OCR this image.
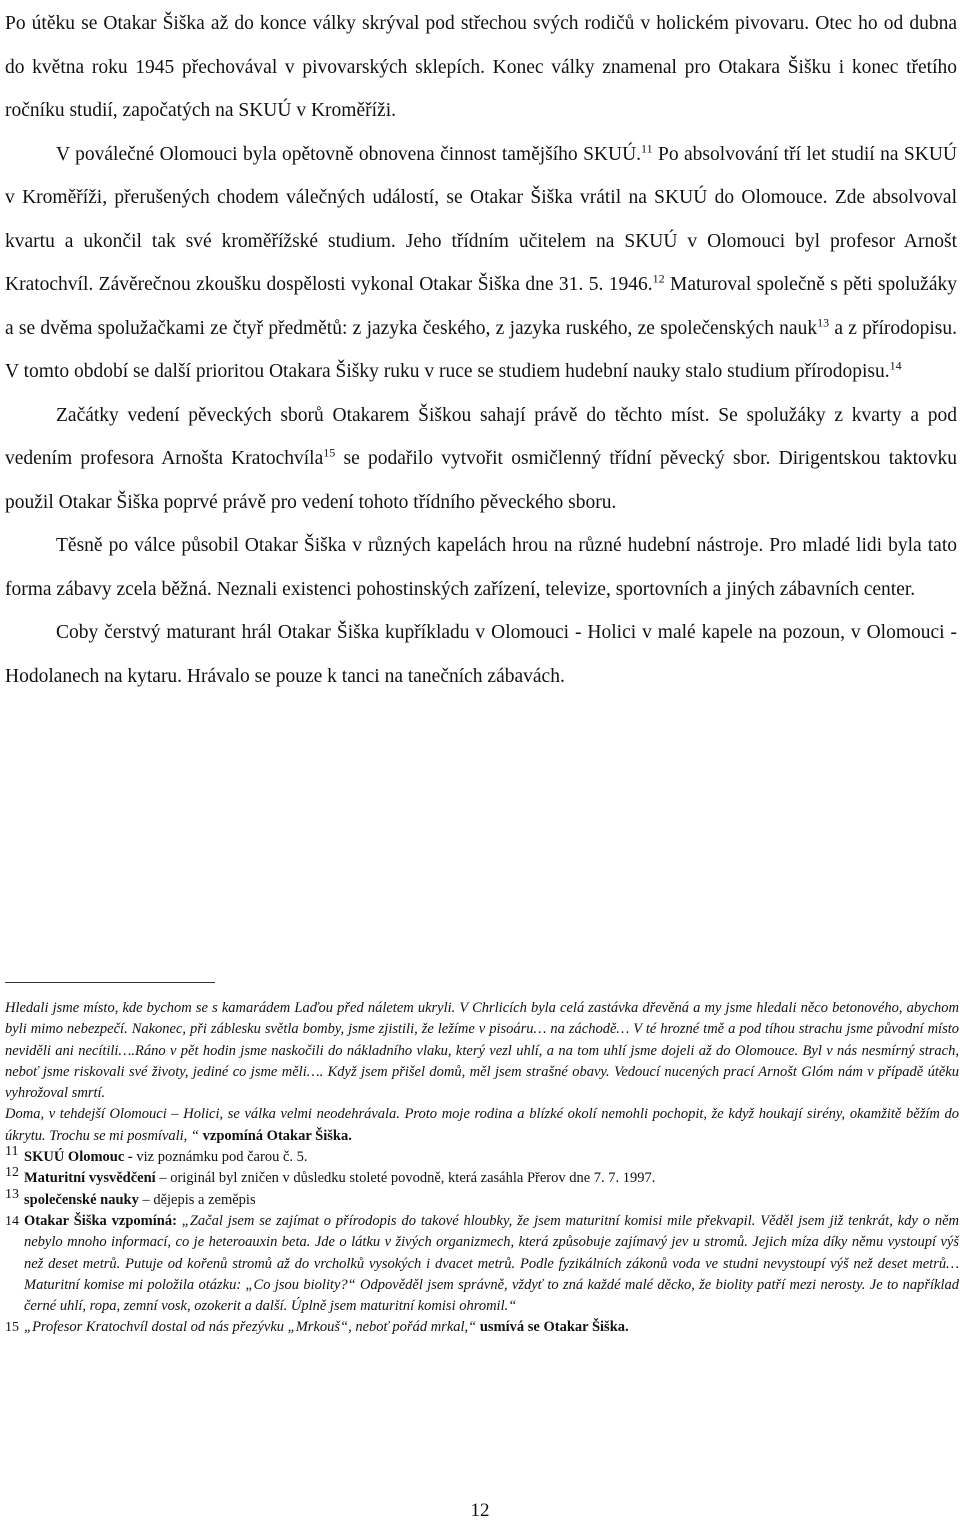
Po útěku se Otakar Šiška až do konce války skrýval pod střechou svých rodičů v holickém pivovaru. Otec ho od dubna do května roku 1945 přechovával v pivovarských sklepích. Konec války znamenal pro Otakara Šišku i konec třetího ročníku studií, započatých na SKUÚ v Kroměříži.

V poválečné Olomouci byla opětovně obnovena činnost tamějšího SKUÚ.$^{11}$ Po absolvování tří let studií na SKUÚ v Kroměříži, přerušených chodem válečných událostí, se Otakar Šiška vrátil na SKUÚ do Olomouce. Zde absolvoval kvartu a ukončil tak své kroměřížské studium. Jeho třídním učitelem na SKUÚ v Olomouci byl profesor Arnošt Kratochvíl. Závěrečnou zkoušku dospělosti vykonal Otakar Šiška dne 31. 5. 1946.12 Maturoval společně s pěti spolužáky a se dvěma spolužačkami ze čtyř předmětů: z jazyka českého, z jazyka ruského, ze společenských nauk$^{13}$ a z přírodopisu. V tomto období se další prioritou Otakara Šišky ruku v ruce se studiem hudební nauky stalo studium přírodopisu.$^{14}$

Začátky vedení pěveckých sborů Otakarem Šiškou sahají právě do těchto míst. Se spolužáky z kvarty a pod vedením profesora Arnošta Kratochvíla$^{15}$ se podařilo vytvořit osmičlenný třídní pěvecký sbor. Dirigentskou taktovku použil Otakar Šiška poprvé právě pro vedení tohoto třídního pěveckého sboru.

Těsně po válce působil Otakar Šiška v různých kapelách hrou na různé hudební nástroje. Pro mladé lidi byla tato forma zábavy zcela běžná. Neznali existenci pohostinských zařízení, televize, sportovních a jiných zábavních center.

Coby čerstvý maturant hrál Otakar Šiška kupříkladu v Olomouci - Holici v malé kapele na pozoun, v Olomouci - Hodolanech na kytaru. Hrávalo se pouze k tanci na tanečních zábavách.

Hledali jsme místo, kde bychom se s kamarádem Laďou před náletem ukryli. V Chrlicích byla celá zastávka dřevěná a my jsme hledali něco betonového, abychom byli mimo nebezpečí. Nakonec, při záblesku světla bomby, jsme zjistili, že ležíme v pisoáru… na záchodě… V té hrozné tmě a pod tíhou strachu jsme původní místo neviděli ani necítili….Ráno v pět hodin jsme naskočili do nákladního vlaku, který vezl uhlí, a na tom uhlí jsme dojeli až do Olomouce. Byl v nás nesmírný strach, neboť jsme riskovali své životy, jediné co jsme měli…. Když jsem přišel domů, měl jsem strašné obavy. Vedoucí nucených prací Arnošt Glóm nám v případě útěku vyhrožoval smrtí.
Doma, v tehdejší Olomouci – Holici, se válka velmi neodehrávala. Proto moje rodina a blízké okolí nemohli pochopit, že když houkají sirény, okamžitě běžím do úkrytu. Trochu se mi posmívali, “ vzpomíná Otakar Šiška.
11 SKUÚ Olomouc - viz poznámku pod čarou č. 5.
12 Maturitní vysvědčení – originál byl zničen v důsledku stoleté povodně, která zasáhla Přerov dne 7. 7. 1997.
13 společenské nauky – dějepis a zeměpis
14 Otakar Šiška vzpomíná: „Začal jsem se zajímat o přírodopis do takové hloubky, že jsem maturitní komisi mile překvapil. Věděl jsem již tenkrát, kdy o něm nebylo mnoho informací, co je heteroauxin beta. Jde o látku v živých organizmech, která způsobuje zajímavý jev u stromů. Jejich míza díky němu vystoupí výš než deset metrů. Putuje od kořenů stromů až do vrcholků vysokých i dvacet metrů. Podle fyzikálních zákonů voda ve studni nevystoupí výš než deset metrů… Maturitní komise mi položila otázku: „Co jsou biolity?“ Odpověděl jsem správně, vždyť to zná každé malé děcko, že biolity patří mezi nerosty. Je to například černé uhlí, ropa, zemní vosk, ozokerit a další. Úplně jsem maturitní komisi ohromil.“
15 „Profesor Kratochvíl dostal od nás přezývku „Mrkouš“, neboť pořád mrkal,“ usmívá se Otakar Šiška.
12
